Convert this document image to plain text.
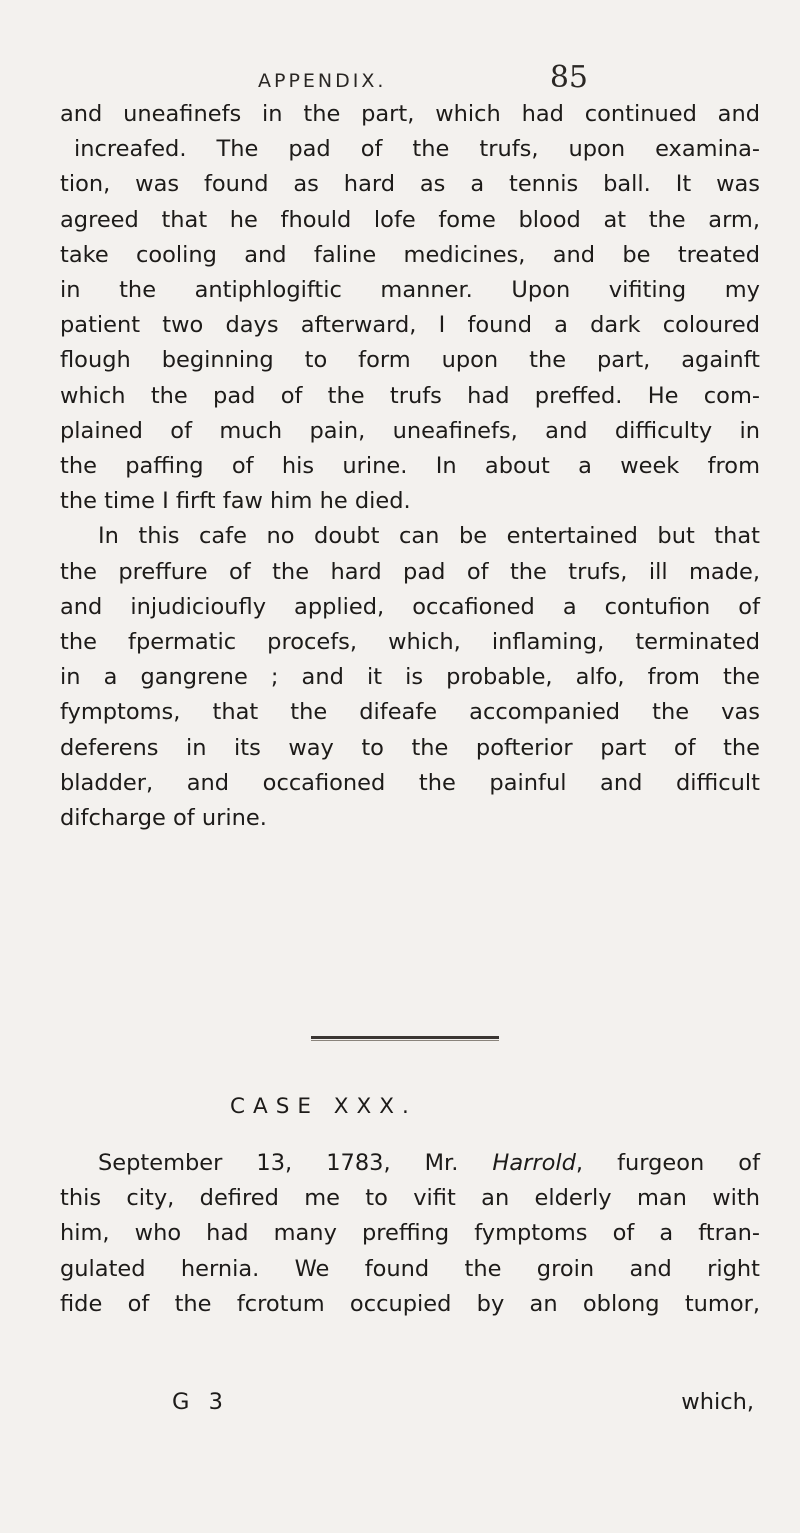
APPENDIX.	85
and uneafinefs in the part, which had continued and
increafed. The pad of the trufs, upon examina-
tion, was found as hard as a tennis ball. It was
agreed that he fhould lofe fome blood at the arm,
take cooling and faline medicines, and be treated
in the antiphlogiftic manner. Upon vifiting my
patient two days afterward, I found a dark coloured
flough beginning to form upon the part, againft
which the pad of the trufs had preffed. He com-
plained of much pain, uneafinefs, and difficulty in
the paffing of his urine. In about a week from
the time I firft faw him he died.
In this cafe no doubt can be entertained but that
the preffure of the hard pad of the trufs, ill made,
and injudicioufly applied, occafioned a contufion of
the fpermatic procefs, which, inflaming, terminated
in a gangrene ; and it is probable, alfo, from the
fymptoms, that the difeafe accompanied the vas
deferens in its way to the pofterior part of the
bladder, and occafioned the painful and difficult
difcharge of urine.
CASE XXX.
September 13, 1783, Mr. Harrold, furgeon of
this city, defired me to vifit an elderly man with
him, who had many preffing fymptoms of a ftran-
gulated hernia. We found the groin and right
fide of the fcrotum occupied by an oblong tumor,
G 3	which,
